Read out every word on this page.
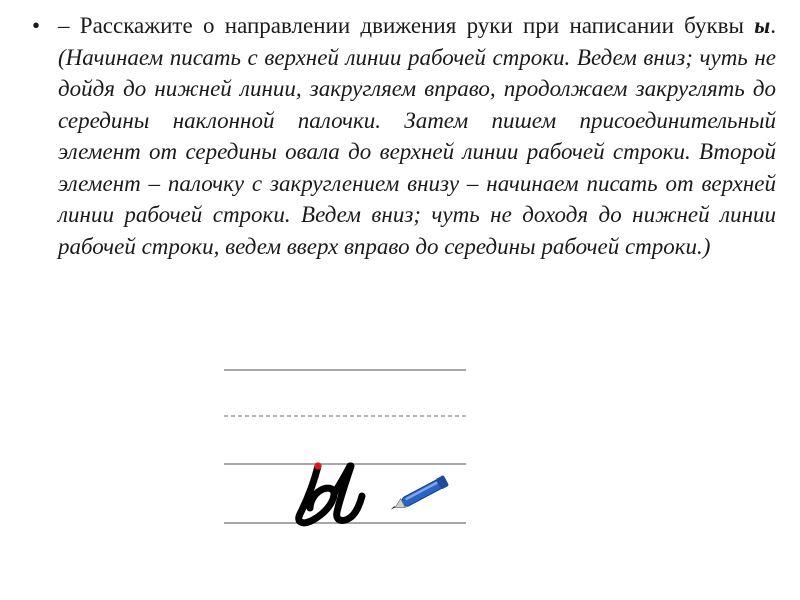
• – Расскажите о направлении движения руки при написании буквы ы. (Начинаем писать с верхней линии рабочей строки. Ведем вниз; чуть не дойдя до нижней линии, закругляем вправо, продолжаем закруглять до середины наклонной палочки. Затем пишем присоединительный элемент от середины овала до верхней линии рабочей строки. Второй элемент – палочку с закруглением внизу – начинаем писать от верхней линии рабочей строки. Ведем вниз; чуть не доходя до нижней линии рабочей строки, ведем вверх вправо до середины рабочей строки.)
